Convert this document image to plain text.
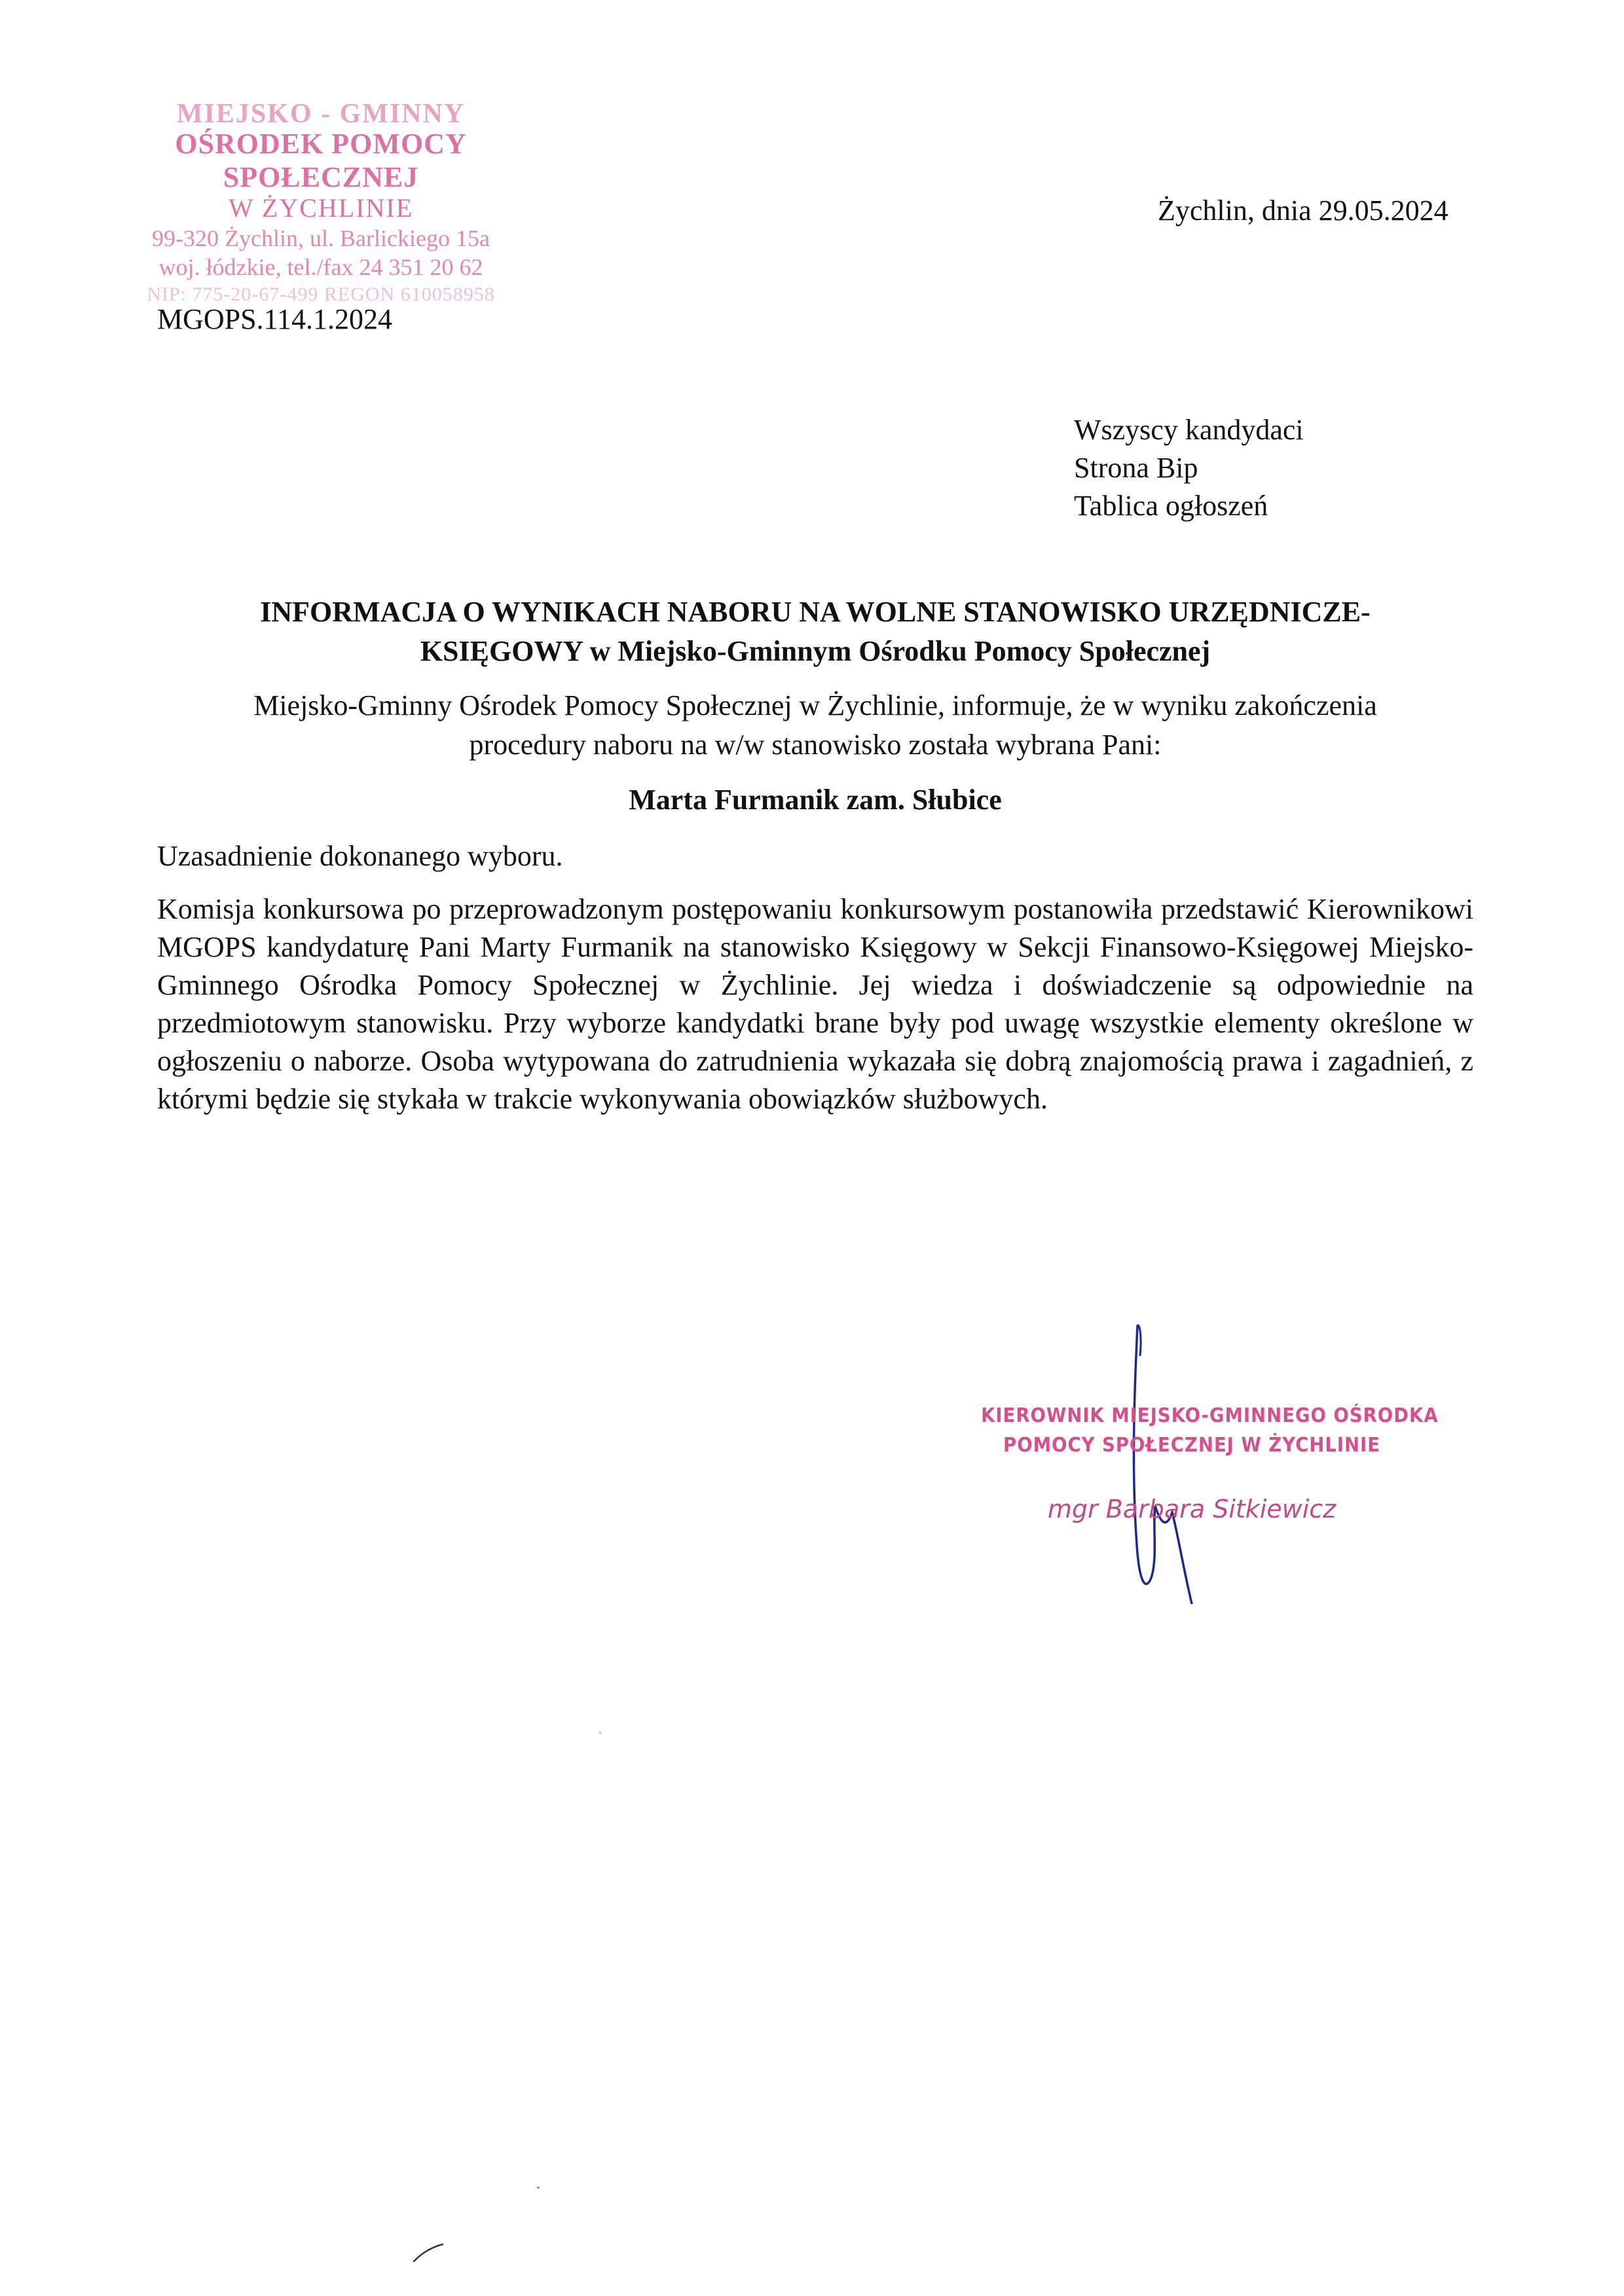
MIEJSKO - GMINNY
OŚRODEK POMOCY SPOŁECZNEJ
W ŻYCHLINIE
99-320 Żychlin, ul. Barlickiego 15a
woj. łódzkie, tel./fax 24 351 20 62
NIP: 775-20-67-499 REGON 610058958
Żychlin, dnia 29.05.2024
MGOPS.114.1.2024
Wszyscy kandydaci
Strona Bip
Tablica ogłoszeń
INFORMACJA O WYNIKACH NABORU NA WOLNE STANOWISKO URZĘDNICZE-
KSIĘGOWY w Miejsko-Gminnym Ośrodku Pomocy Społecznej
Miejsko-Gminny Ośrodek Pomocy Społecznej w Żychlinie, informuje, że w wyniku zakończenia
procedury naboru na w/w stanowisko została wybrana Pani:
Marta Furmanik zam. Słubice
Uzasadnienie dokonanego wyboru.
Komisja konkursowa po przeprowadzonym postępowaniu konkursowym postanowiła przedstawić Kierownikowi MGOPS kandydaturę Pani Marty Furmanik na stanowisko Księgowy w Sekcji Finansowo-Księgowej Miejsko-Gminnego Ośrodka Pomocy Społecznej w Żychlinie. Jej wiedza i doświadczenie są odpowiednie na przedmiotowym stanowisku. Przy wyborze kandydatki brane były pod uwagę wszystkie elementy określone w ogłoszeniu o naborze. Osoba wytypowana do zatrudnienia wykazała się dobrą znajomością prawa i zagadnień, z którymi będzie się stykała w trakcie wykonywania obowiązków służbowych.
KIEROWNIK MIEJSKO-GMINNEGO OŚRODKA
POMOCY SPOŁECZNEJ W ŻYCHLINIE
mgr Barbara Sitkiewicz
